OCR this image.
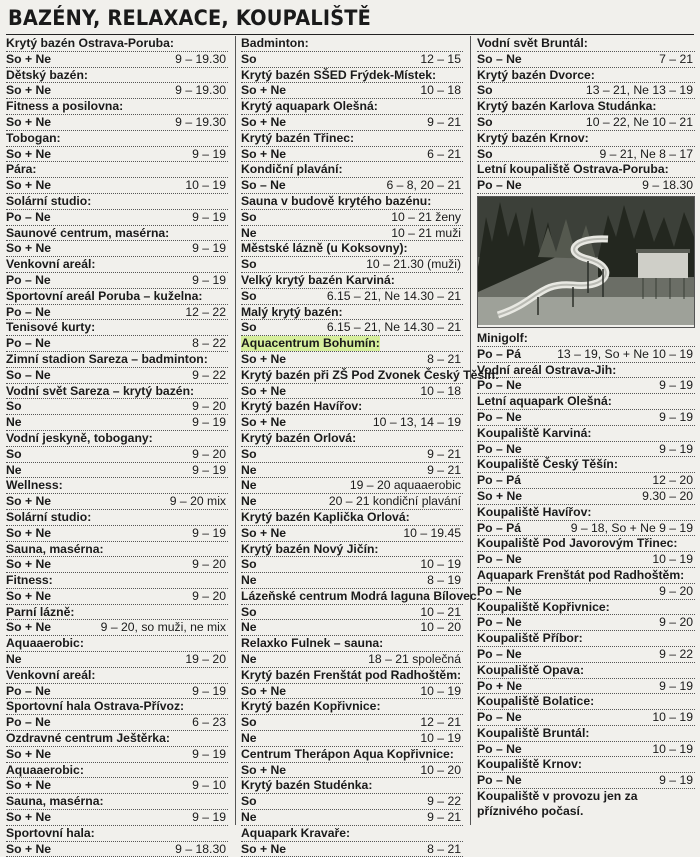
BAZÉNY, RELAXACE, KOUPALIŠTĚ
Krytý bazén Ostrava-Poruba:
So + Ne	9 – 19.30
Dětský bazén:
So + Ne	9 – 19.30
Fitness a posilovna:
So + Ne	9 – 19.30
Tobogan:
So + Ne	9 – 19
Pára:
So + Ne	10 – 19
Solární studio:
Po – Ne	9 – 19
Saunové centrum, masérna:
So + Ne	9 – 19
Venkovní areál:
Po – Ne	9 – 19
Sportovní areál Poruba – kuželna:
Po – Ne	12 – 22
Tenisové kurty:
Po – Ne	8 – 22
Zimní stadion Sareza – badminton:
So – Ne	9 – 22
Vodní svět Sareza – krytý bazén:
So	9 – 20
Ne	9 – 19
Vodní jeskyně, tobogany:
So	9 – 20
Ne	9 – 19
Wellness:
So + Ne	9 – 20 mix
Solární studio:
So + Ne	9 – 19
Sauna, masérna:
So + Ne	9 – 20
Fitness:
So + Ne	9 – 20
Parní lázně:
So + Ne	9 – 20, so muži, ne mix
Aquaaerobic:
Ne	19 – 20
Venkovní areál:
Po – Ne	9 – 19
Sportovní hala Ostrava-Přívoz:
Po – Ne	6 – 23
Ozdravné centrum Ještěrka:
So + Ne	9 – 19
Aquaaerobic:
So + Ne	9 – 10
Sauna, masérna:
So + Ne	9 – 19
Sportovní hala:
So + Ne	9 – 18.30
Badminton:
So	12 – 15
Krytý bazén SŠED Frýdek-Místek:
So + Ne	10 – 18
Krytý aquapark Olešná:
So + Ne	9 – 21
Krytý bazén Třinec:
So + Ne	6 – 21
Kondiční plavání:
So – Ne	6 – 8, 20 – 21
Sauna v budově krytého bazénu:
So	10 – 21 ženy
Ne	10 – 21 muži
Městské lázně (u Koksovny):
So	10 – 21.30 (muži)
Velký krytý bazén Karviná:
So	6.15 – 21, Ne 14.30 – 21
Malý krytý bazén:
So	6.15 – 21, Ne 14.30 – 21
Aquacentrum Bohumín:
So + Ne	8 – 21
Krytý bazén při ZŠ Pod Zvonek Český Těšín:
So + Ne	10 – 18
Krytý bazén Havířov:
So + Ne	10 – 13, 14 – 19
Krytý bazén Orlová:
So	9 – 21
Ne	9 – 21
Ne	19 – 20 aquaaerobic
Ne	20 – 21 kondiční plavání
Krytý bazén Kaplička Orlová:
So + Ne	10 – 19.45
Krytý bazén Nový Jičín:
So	10 – 19
Ne	8 – 19
Lázeňské centrum Modrá laguna Bílovec:
So	10 – 21
Ne	10 – 20
Relaxko Fulnek – sauna:
Ne	18 – 21 společná
Krytý bazén Frenštát pod Radhoštěm:
So + Ne	10 – 19
Krytý bazén Kopřivnice:
So	12 – 21
Ne	10 – 19
Centrum Therápon Aqua Kopřivnice:
So + Ne	10 – 20
Krytý bazén Studénka:
So	9 – 22
Ne	9 – 21
Aquapark Kravaře:
So + Ne	8 – 21
Vodní svět Bruntál:
So – Ne	7 – 21
Krytý bazén Dvorce:
So	13 – 21, Ne 13 – 19
Krytý bazén Karlova Studánka:
So	10 – 22, Ne 10 – 21
Krytý bazén Krnov:
So	9 – 21, Ne 8 – 17
Letní koupaliště Ostrava-Poruba:
Po – Ne	9 – 18.30
Minigolf:
Po – Pá	13 – 19, So + Ne 10 – 19
Vodní areál Ostrava-Jih:
Po – Ne	9 – 19
Letní aquapark Olešná:
Po – Ne	9 – 19
Koupaliště Karviná:
Po – Ne	9 – 19
Koupaliště Český Těšín:
Po – Pá	12 – 20
So + Ne	9.30 – 20
Koupaliště Havířov:
Po – Pá	9 – 18, So + Ne 9 – 19
Koupaliště Pod Javorovým Třinec:
Po – Ne	10 – 19
Aquapark Frenštát pod Radhoštěm:
Po – Ne	9 – 20
Koupaliště Kopřivnice:
Po – Ne	9 – 20
Koupaliště Příbor:
Po – Ne	9 – 22
Koupaliště Opava:
Po + Ne	9 – 19
Koupaliště Bolatice:
Po – Ne	10 – 19
Koupaliště Bruntál:
Po – Ne	10 – 19
Koupaliště Krnov:
Po – Ne	9 – 19
Koupaliště v provozu jen za příznivého počasí.
